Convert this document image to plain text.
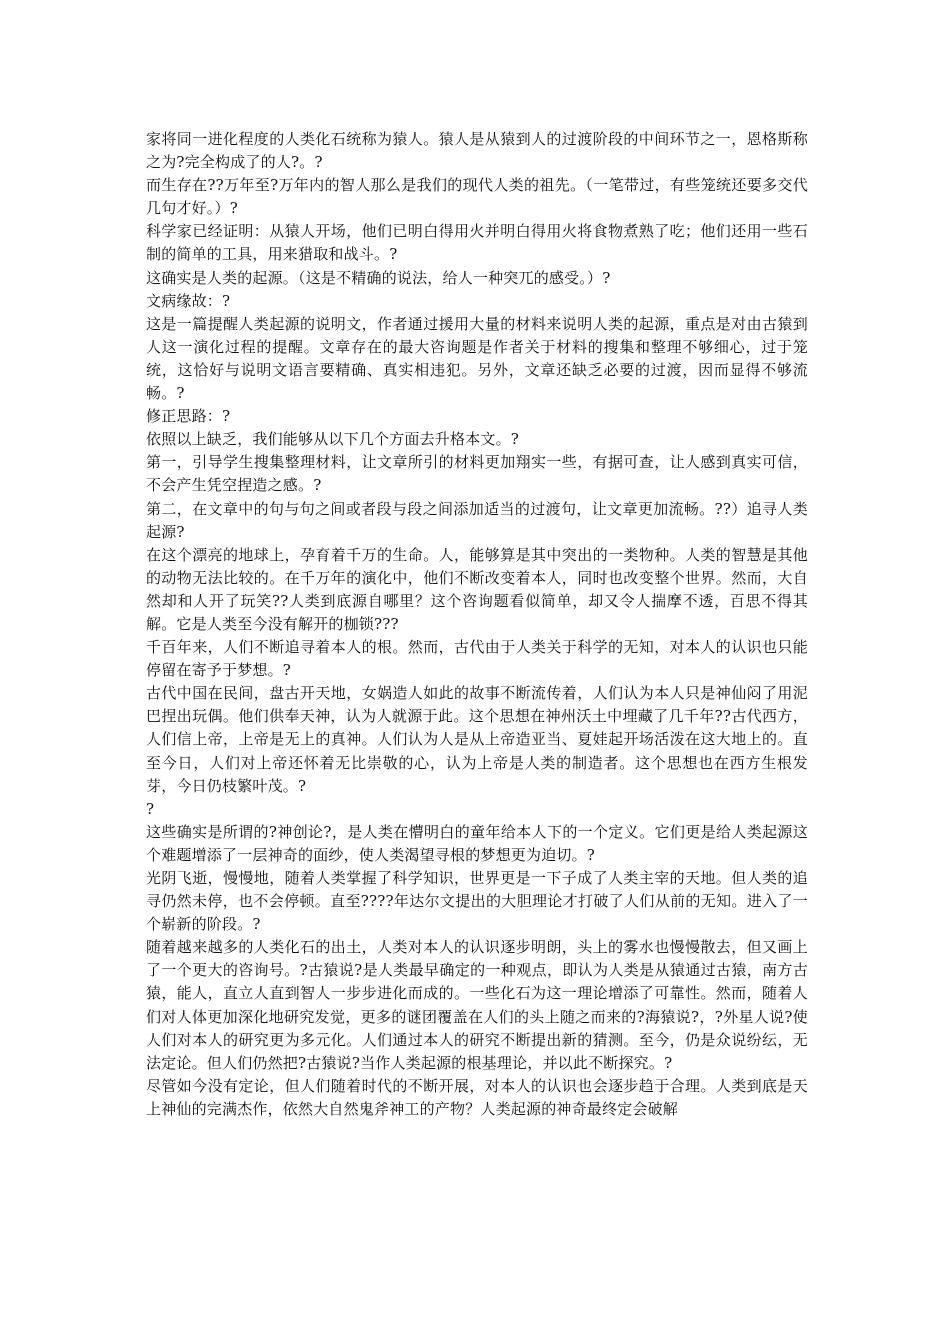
家将同一进化程度的人类化石统称为猿人。猿人是从猿到人的过渡阶段的中间环节之一，恩格斯称之为?完全构成了的人?。?

而生存在??万年至?万年内的智人那么是我们的现代人类的祖先。（一笔带过，有些笼统还要多交代几句才好。）?

科学家已经证明：从猿人开场，他们已明白得用火并明白得用火将食物煮熟了吃；他们还用一些石制的简单的工具，用来猎取和战斗。?

这确实是人类的起源。（这是不精确的说法，给人一种突兀的感受。）?

文病缘故：?

这是一篇提醒人类起源的说明文，作者通过援用大量的材料来说明人类的起源，重点是对由古猿到人这一演化过程的提醒。文章存在的最大咨询题是作者关于材料的搜集和整理不够细心，过于笼统，这恰好与说明文语言要精确、真实相违犯。另外，文章还缺乏必要的过渡，因而显得不够流畅。?

修正思路：?

依照以上缺乏，我们能够从以下几个方面去升格本文。?

第一，引导学生搜集整理材料，让文章所引的材料更加翔实一些，有据可查，让人感到真实可信，不会产生凭空捏造之感。?

第二，在文章中的句与句之间或者段与段之间添加适当的过渡句，让文章更加流畅。??）追寻人类起源?

在这个漂亮的地球上，孕育着千万的生命。人，能够算是其中突出的一类物种。人类的智慧是其他的动物无法比较的。在千万年的演化中，他们不断改变着本人，同时也改变整个世界。然而，大自然却和人开了玩笑??人类到底源自哪里？这个咨询题看似简单，却又令人揣摩不透，百思不得其解。它是人类至今没有解开的枷锁???

千百年来，人们不断追寻着本人的根。然而，古代由于人类关于科学的无知，对本人的认识也只能停留在寄予于梦想。?

古代中国在民间，盘古开天地，女娲造人如此的故事不断流传着，人们认为本人只是神仙闷了用泥巴捏出玩偶。他们供奉天神，认为人就源于此。这个思想在神州沃土中埋藏了几千年??古代西方，人们信上帝，上帝是无上的真神。人们认为人是从上帝造亚当、夏娃起开场活泼在这大地上的。直至今日，人们对上帝还怀着无比崇敬的心，认为上帝是人类的制造者。这个思想也在西方生根发芽，今日仍枝繁叶茂。?

?

这些确实是所谓的?神创论?，是人类在懵明白的童年给本人下的一个定义。它们更是给人类起源这个难题增添了一层神奇的面纱，使人类渴望寻根的梦想更为迫切。?

光阴飞逝，慢慢地，随着人类掌握了科学知识，世界更是一下子成了人类主宰的天地。但人类的追寻仍然未停，也不会停顿。直至????年达尔文提出的大胆理论才打破了人们从前的无知。进入了一个崭新的阶段。?

随着越来越多的人类化石的出土，人类对本人的认识逐步明朗，头上的雾水也慢慢散去，但又画上了一个更大的咨询号。?古猿说?是人类最早确定的一种观点，即认为人类是从猿通过古猿，南方古猿，能人，直立人直到智人一步步进化而成的。一些化石为这一理论增添了可靠性。然而，随着人们对人体更加深化地研究发觉，更多的谜团覆盖在人们的头上随之而来的?海猿说?，?外星人说?使人们对本人的研究更为多元化。人们通过本人的研究不断提出新的猜测。至今，仍是众说纷纭，无法定论。但人们仍然把?古猿说?当作人类起源的根基理论，并以此不断探究。?

尽管如今没有定论，但人们随着时代的不断开展，对本人的认识也会逐步趋于合理。人类到底是天上神仙的完满杰作，依然大自然鬼斧神工的产物？人类起源的神奇最终定会破解
